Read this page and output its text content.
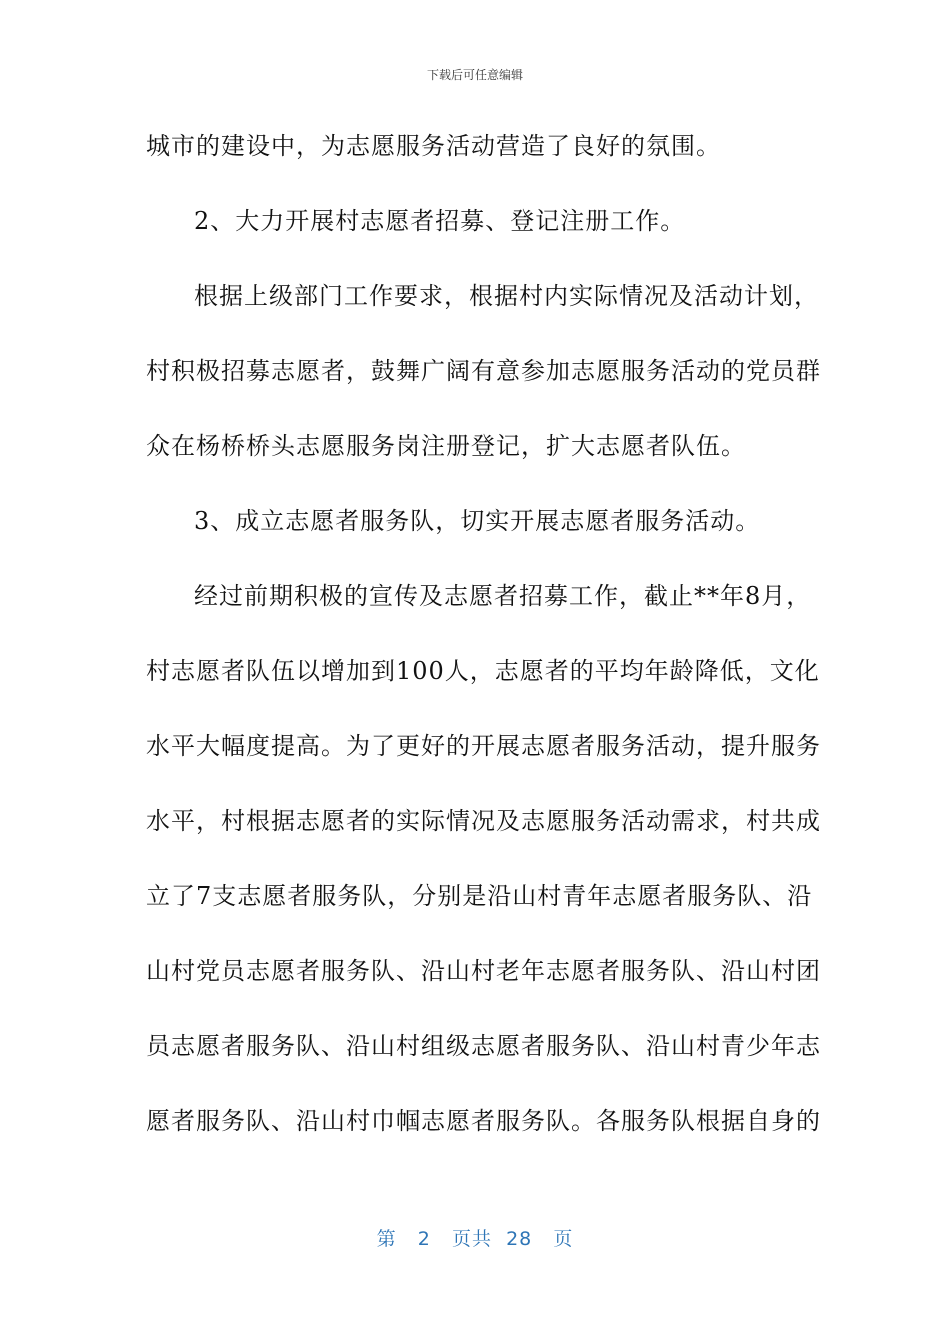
下载后可任意编辑
城市的建设中，为志愿服务活动营造了良好的氛围。
2、大力开展村志愿者招募、登记注册工作。
根据上级部门工作要求，根据村内实际情况及活动计划，
村积极招募志愿者，鼓舞广阔有意参加志愿服务活动的党员群
众在杨桥桥头志愿服务岗注册登记，扩大志愿者队伍。
3、成立志愿者服务队，切实开展志愿者服务活动。
经过前期积极的宣传及志愿者招募工作，截止**年8月，
村志愿者队伍以增加到100人，志愿者的平均年龄降低，文化
水平大幅度提高。为了更好的开展志愿者服务活动，提升服务
水平，村根据志愿者的实际情况及志愿服务活动需求，村共成
立了7支志愿者服务队，分别是沿山村青年志愿者服务队、沿
山村党员志愿者服务队、沿山村老年志愿者服务队、沿山村团
员志愿者服务队、沿山村组级志愿者服务队、沿山村青少年志
愿者服务队、沿山村巾帼志愿者服务队。各服务队根据自身的
第 2 页共 28 页
